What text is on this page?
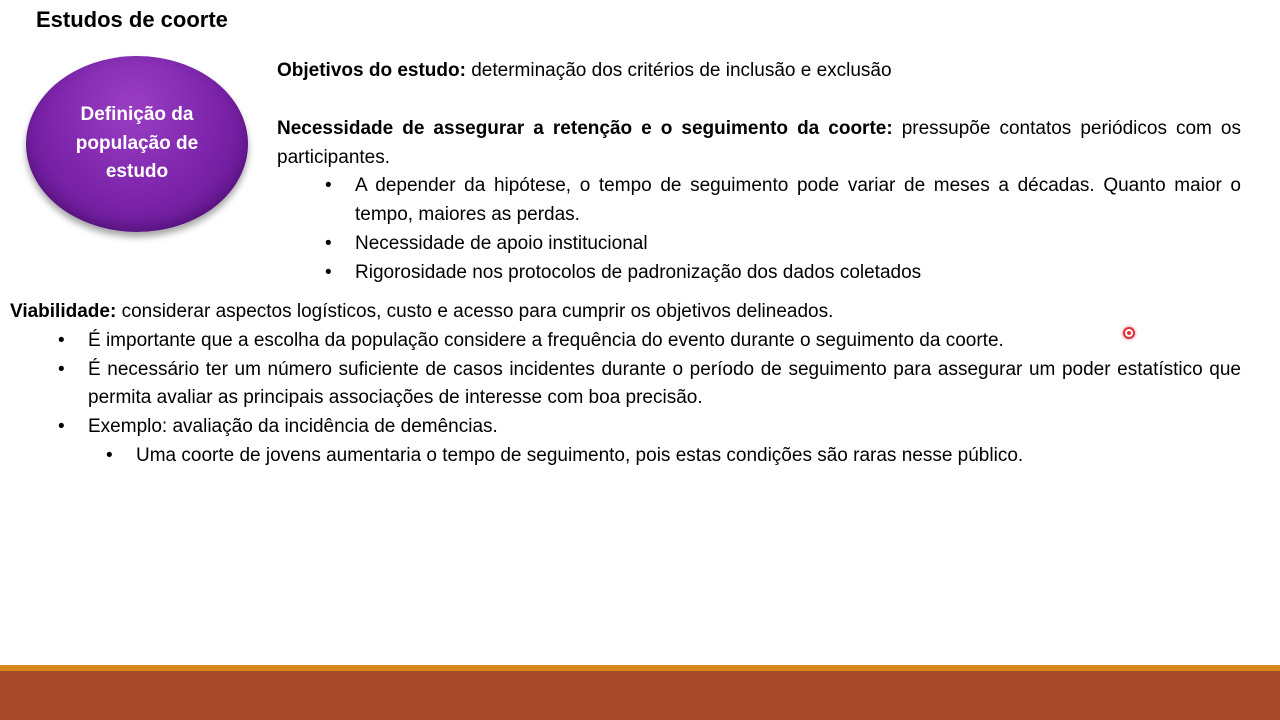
Estudos de coorte
Definição da população de estudo

Objetivos do estudo: determinação dos critérios de inclusão e exclusão

Necessidade de assegurar a retenção e o seguimento da coorte: pressupõe contatos periódicos com os participantes.

• A depender da hipótese, o tempo de seguimento pode variar de meses a décadas. Quanto maior o tempo, maiores as perdas.
• Necessidade de apoio institucional
• Rigorosidade nos protocolos de padronização dos dados coletados

Viabilidade: considerar aspectos logísticos, custo e acesso para cumprir os objetivos delineados.

• É importante que a escolha da população considere a frequência do evento durante o seguimento da coorte.
• É necessário ter um número suficiente de casos incidentes durante o período de seguimento para assegurar um poder estatístico que permita avaliar as principais associações de interesse com boa precisão.
• Exemplo: avaliação da incidência de demências.
• Uma coorte de jovens aumentaria o tempo de seguimento, pois estas condições são raras nesse público.
